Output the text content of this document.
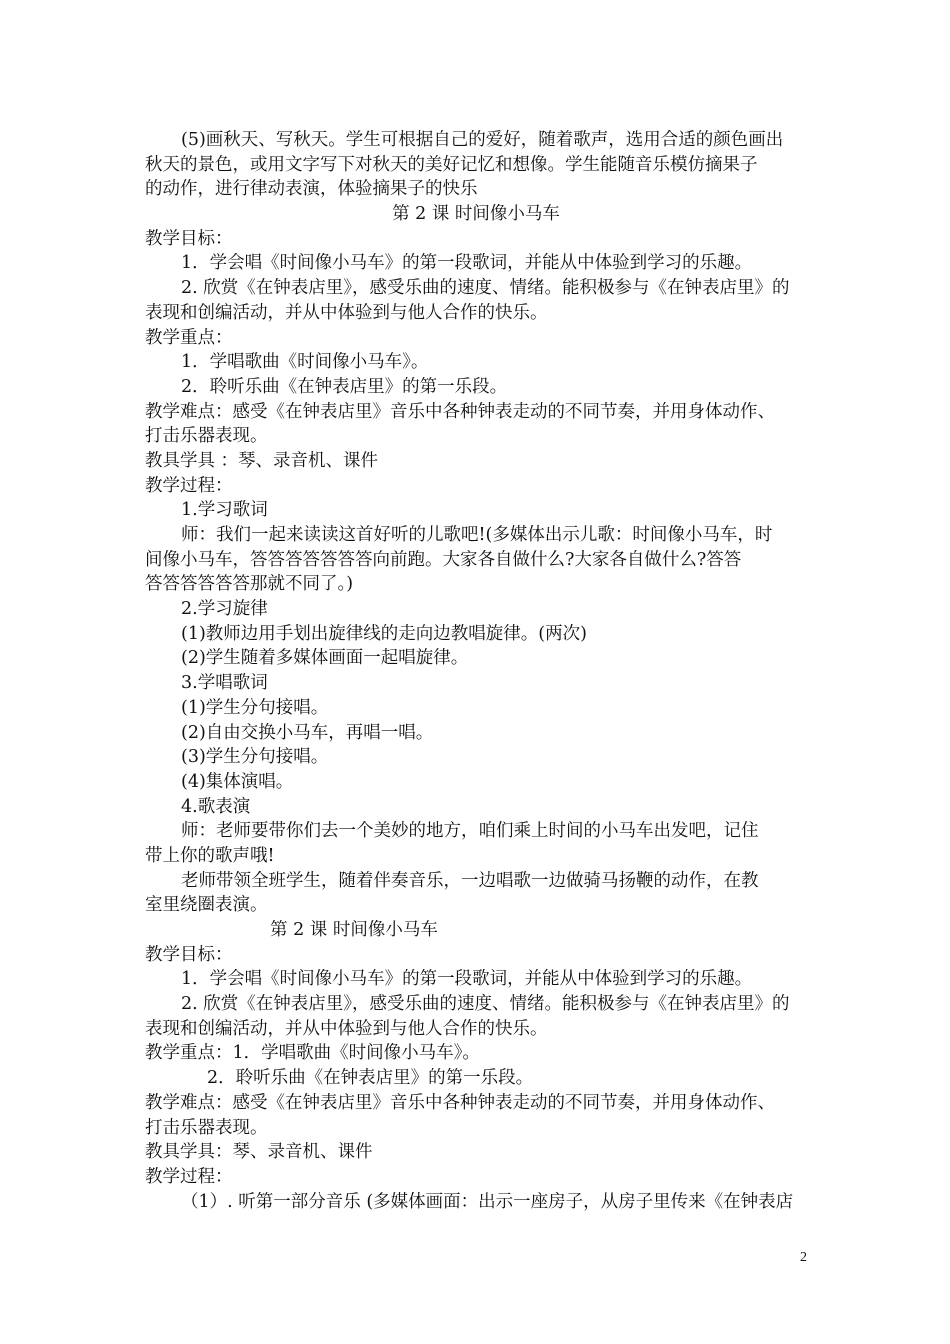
(5)画秋天、写秋天。学生可根据自己的爱好，随着歌声，选用合适的颜色画出
秋天的景色，或用文字写下对秋天的美好记忆和想像。学生能随音乐模仿摘果子
的动作，进行律动表演，体验摘果子的快乐
第 2 课 时间像小马车
教学目标：
1．学会唱《时间像小马车》的第一段歌词，并能从中体验到学习的乐趣。
2. 欣赏《在钟表店里》，感受乐曲的速度、情绪。能积极参与《在钟表店里》的
表现和创编活动，并从中体验到与他人合作的快乐。
教学重点：
1．学唱歌曲《时间像小马车》。
2．聆听乐曲《在钟表店里》的第一乐段。
教学难点：感受《在钟表店里》音乐中各种钟表走动的不同节奏，并用身体动作、
打击乐器表现。
教具学具 ：琴、录音机、课件
教学过程：
1.学习歌词
师：我们一起来读读这首好听的儿歌吧!(多媒体出示儿歌：时间像小马车，时
间像小马车，答答答答答答答向前跑。大家各自做什么?大家各自做什么?答答
答答答答答答那就不同了。)
2.学习旋律
(1)教师边用手划出旋律线的走向边教唱旋律。(两次)
(2)学生随着多媒体画面一起唱旋律。
3.学唱歌词
(1)学生分句接唱。
(2)自由交换小马车，再唱一唱。
(3)学生分句接唱。
(4)集体演唱。
4.歌表演
师：老师要带你们去一个美妙的地方，咱们乘上时间的小马车出发吧，记住
带上你的歌声哦!
老师带领全班学生，随着伴奏音乐，一边唱歌一边做骑马扬鞭的动作，在教
室里绕圈表演。
第 2 课 时间像小马车
教学目标：
1．学会唱《时间像小马车》的第一段歌词，并能从中体验到学习的乐趣。
2. 欣赏《在钟表店里》，感受乐曲的速度、情绪。能积极参与《在钟表店里》的
表现和创编活动，并从中体验到与他人合作的快乐。
教学重点：1．学唱歌曲《时间像小马车》。
2．聆听乐曲《在钟表店里》的第一乐段。
教学难点：感受《在钟表店里》音乐中各种钟表走动的不同节奏，并用身体动作、
打击乐器表现。
教具学具：琴、录音机、课件
教学过程：
（1）. 听第一部分音乐 (多媒体画面：出示一座房子，从房子里传来《在钟表店
2
